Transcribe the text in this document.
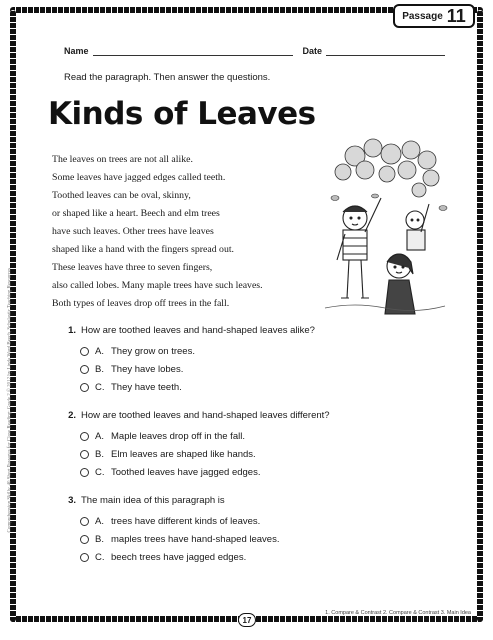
Passage 11
Comprehension Skills: 40 Short Passages for Close Reading: Grade 2 © 2012 by Linda Ward Beech, Scholastic Teaching Resources
Name	Date
Read the paragraph. Then answer the questions.
Kinds of Leaves
The leaves on trees are not all alike.
Some leaves have jagged edges called teeth.
Toothed leaves can be oval, skinny,
or shaped like a heart. Beech and elm trees
have such leaves. Other trees have leaves
shaped like a hand with the fingers spread out.
These leaves have three to seven fingers,
also called lobes. Many maple trees have such leaves.
Both types of leaves drop off trees in the fall.
1. How are toothed leaves and hand-shaped leaves alike?
A. They grow on trees.
B. They have lobes.
C. They have teeth.
2. How are toothed leaves and hand-shaped leaves different?
A. Maple leaves drop off in the fall.
B. Elm leaves are shaped like hands.
C. Toothed leaves have jagged edges.
3. The main idea of this paragraph is
A. trees have different kinds of leaves.
B. maples trees have hand-shaped leaves.
C. beech trees have jagged edges.
1. Compare & Contrast 2. Compare & Contrast 3. Main Idea
17
